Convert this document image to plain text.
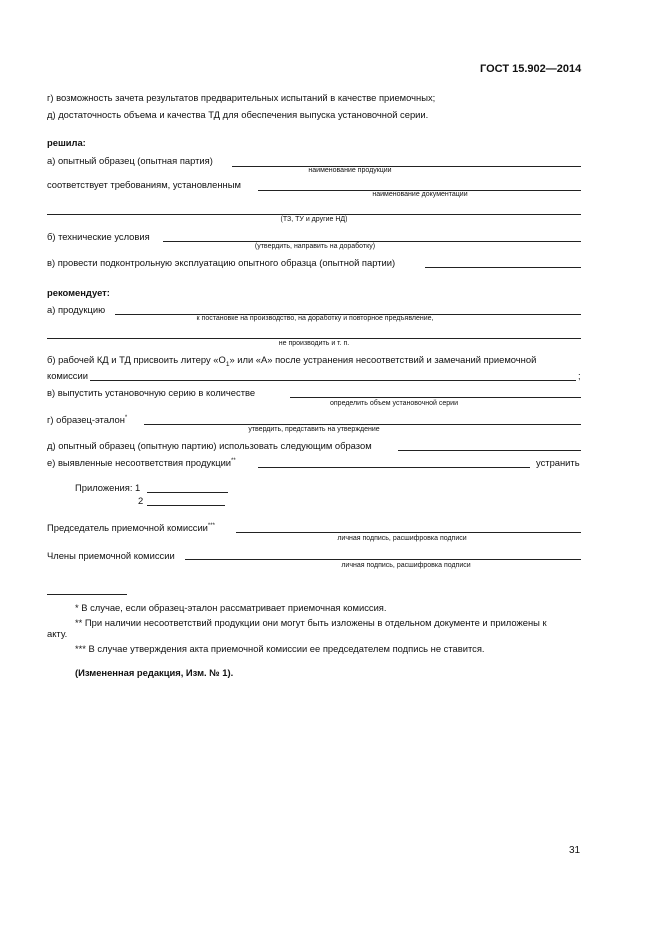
ГОСТ 15.902—2014
г) возможность зачета результатов предварительных испытаний в качестве приемочных;
д) достаточность объема и качества ТД для обеспечения выпуска установочной серии.
решила:
а) опытный образец (опытная партия)
наименование продукции
соответствует требованиям, установленным
наименование документации
(ТЗ, ТУ и другие НД)
б) технические условия
(утвердить, направить на доработку)
в) провести подконтрольную эксплуатацию опытного образца (опытной партии)
рекомендует:
а) продукцию
к постановке на производство, на доработку и повторное предъявление,
не производить и т. п.
б) рабочей КД и ТД присвоить литеру «$О_1$» или «А» после устранения несоответствий и замечаний приемочной
комиссии	;
в) выпустить установочную серию в количестве
определить объем установочной серии
г) образец-эталон*
утвердить, представить на утверждение
д) опытный образец (опытную партию) использовать следующим образом
е) выявленные несоответствия продукции**	устранить
Приложения: 1
2
Председатель приемочной комиссии***
личная подпись, расшифровка подписи
Члены приемочной комиссии
личная подпись, расшифровка подписи
* В случае, если образец-эталон рассматривает приемочная комиссия.
** При наличии несоответствий продукции они могут быть изложены в отдельном документе и приложены к
акту.
*** В случае утверждения акта приемочной комиссии ее председателем подпись не ставится.
(Измененная редакция, Изм. № 1).
31
